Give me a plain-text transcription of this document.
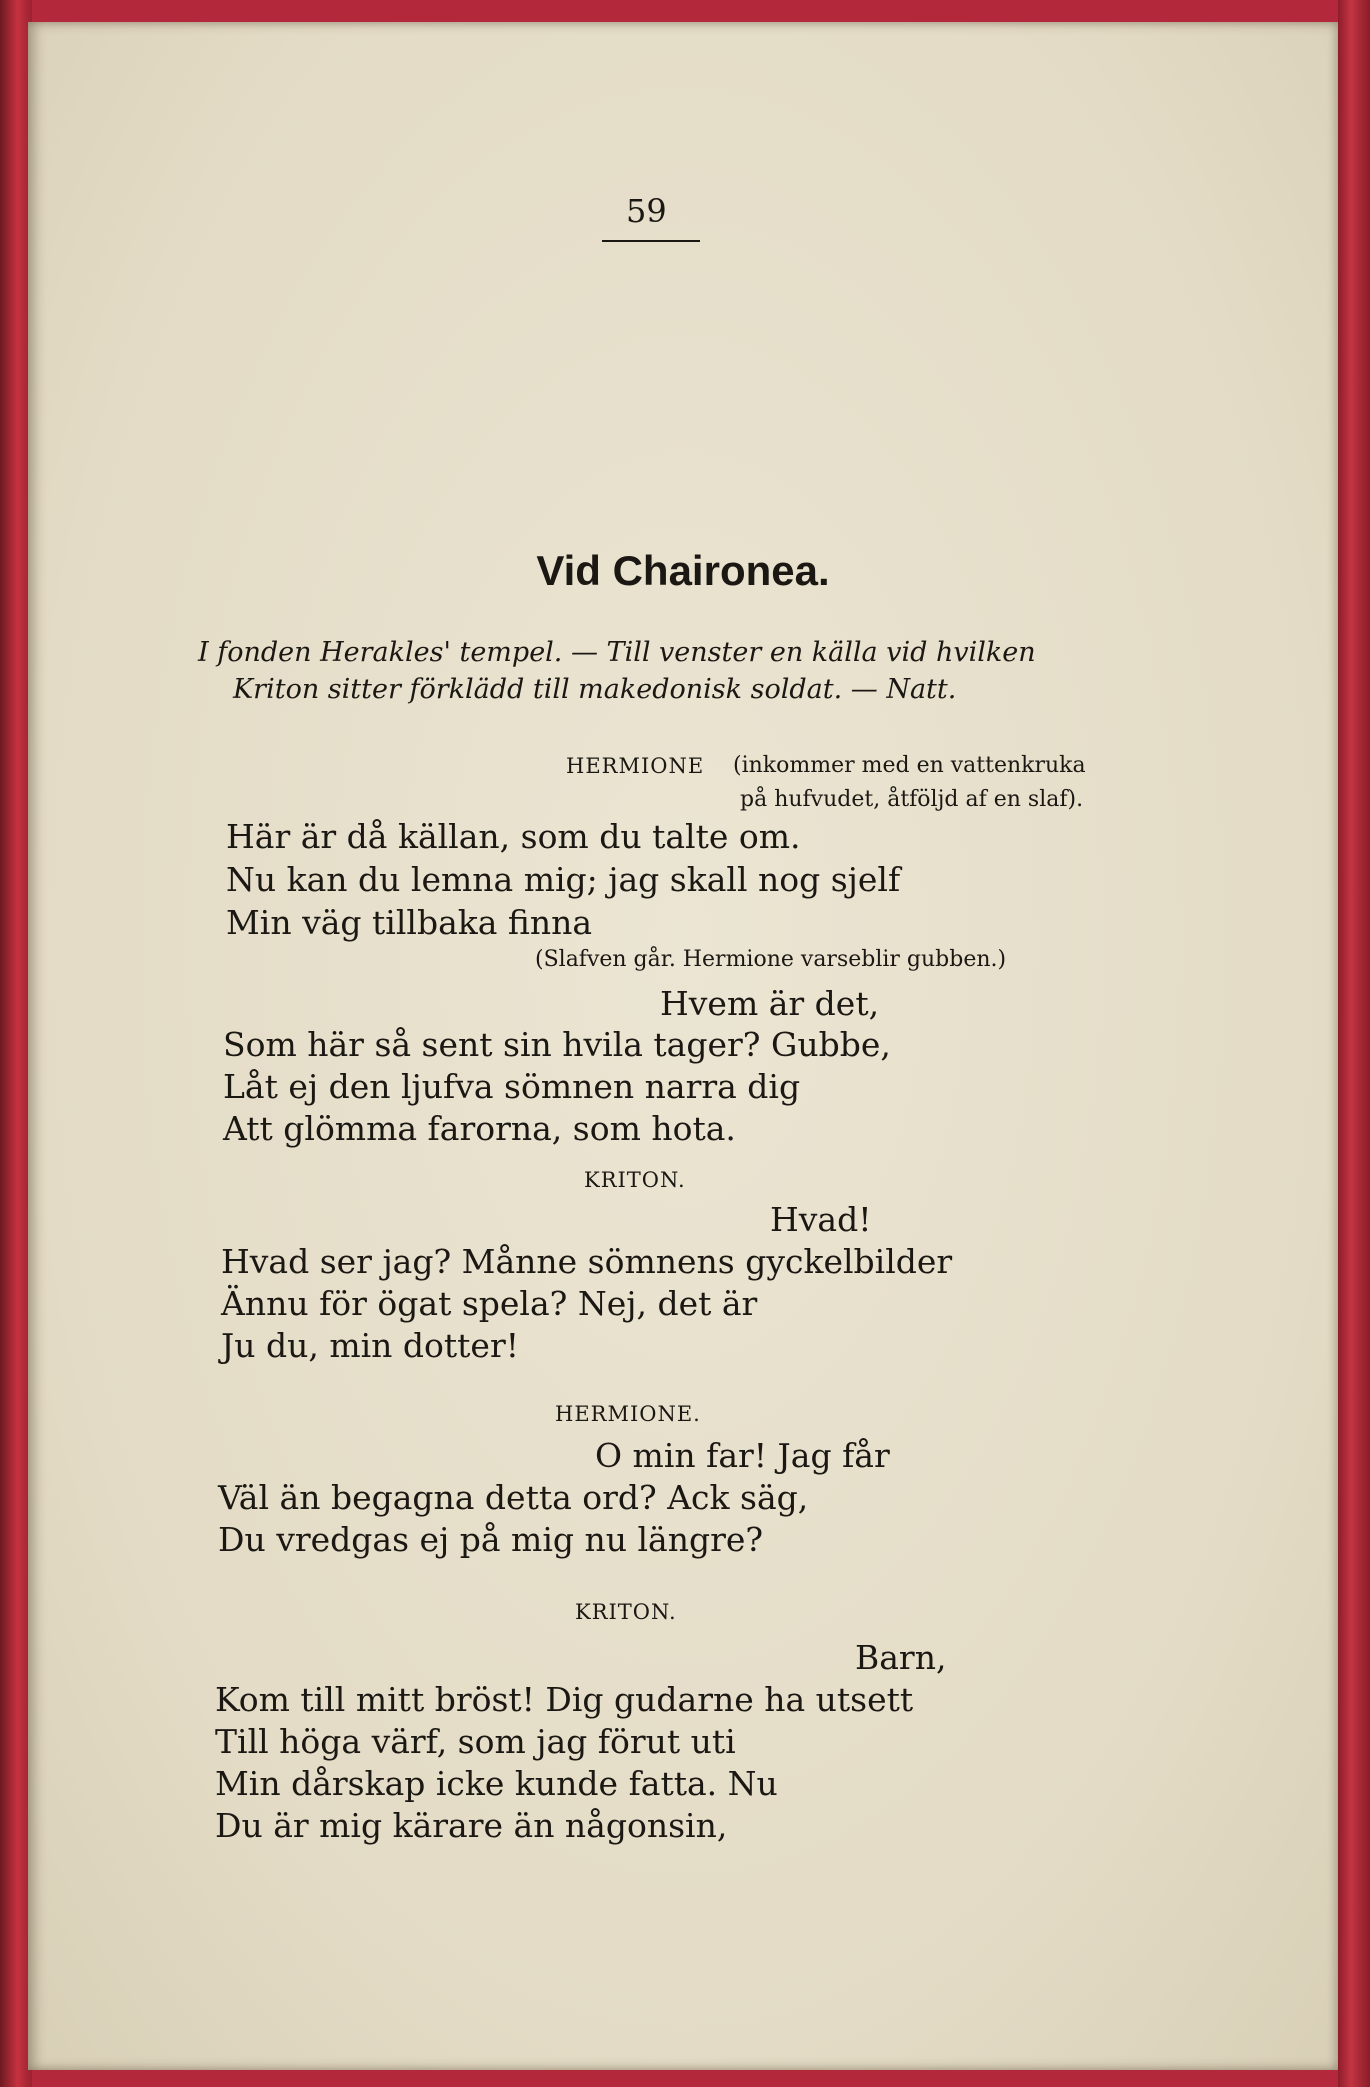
59
Vid Chaironea.
I fonden Herakles' tempel. — Till venster en källa vid hvilken
Kriton sitter förklädd till makedonisk soldat. — Natt.
HERMIONE (inkommer med en vattenkruka
på hufvudet, åtföljd af en slaf).
Här är då källan, som du talte om.
Nu kan du lemna mig; jag skall nog sjelf
Min väg tillbaka finna
(Slafven går. Hermione varseblir gubben.)
Hvem är det,
Som här så sent sin hvila tager? Gubbe,
Låt ej den ljufva sömnen narra dig
Att glömma farorna, som hota.
KRITON.
Hvad!
Hvad ser jag? Månne sömnens gyckelbilder
Ännu för ögat spela? Nej, det är
Ju du, min dotter!
HERMIONE.
O min far! Jag får
Väl än begagna detta ord? Ack säg,
Du vredgas ej på mig nu längre?
KRITON.
Barn,
Kom till mitt bröst! Dig gudarne ha utsett
Till höga värf, som jag förut uti
Min dårskap icke kunde fatta. Nu
Du är mig kärare än någonsin,
